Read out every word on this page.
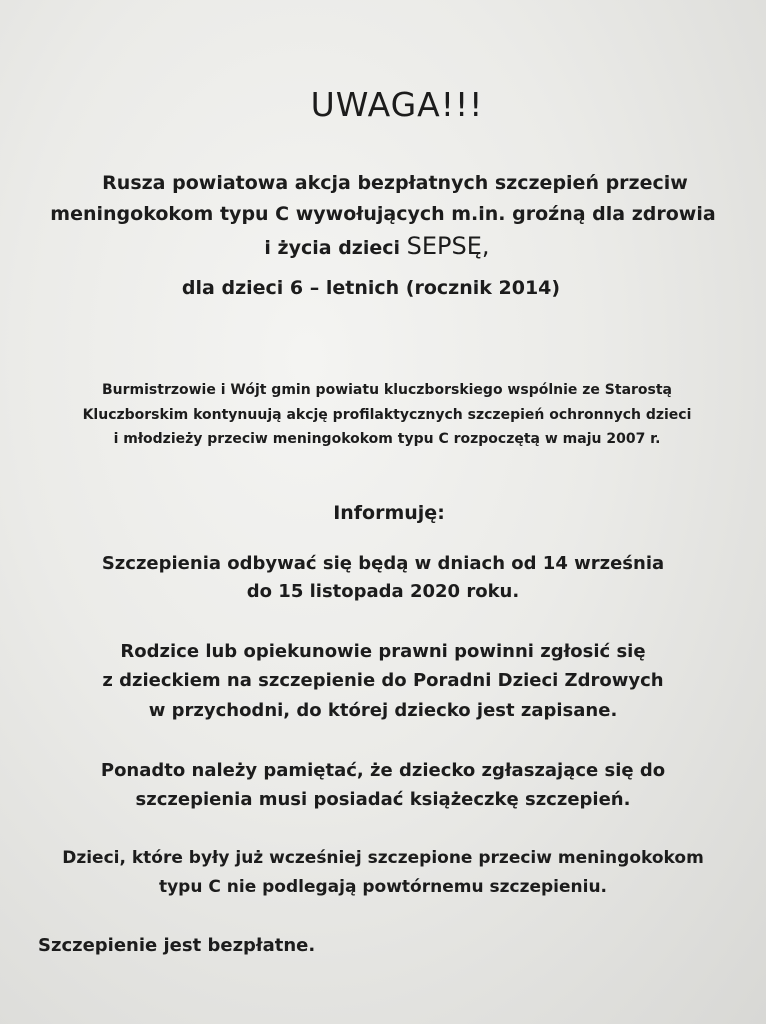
UWAGA!!!
Rusza powiatowa akcja bezpłatnych szczepień przeciw
meningokokom typu C wywołujących m.in. groźną dla zdrowia
i życia dzieci SEPSĘ,
dla dzieci 6 – letnich (rocznik 2014)
Burmistrzowie i Wójt gmin powiatu kluczborskiego wspólnie ze Starostą
Kluczborskim kontynuują akcję profilaktycznych szczepień ochronnych dzieci
i młodzieży przeciw meningokokom typu C rozpoczętą w maju 2007 r.
Informuję:
Szczepienia odbywać się będą w dniach od 14 września
do 15 listopada 2020 roku.
Rodzice lub opiekunowie prawni powinni zgłosić się
z dzieckiem na szczepienie do Poradni Dzieci Zdrowych
w przychodni, do której dziecko jest zapisane.
Ponadto należy pamiętać, że dziecko zgłaszające się do
szczepienia musi posiadać książeczkę szczepień.
Dzieci, które były już wcześniej szczepione przeciw meningokokom
typu C nie podlegają powtórnemu szczepieniu.
Szczepienie jest bezpłatne.
